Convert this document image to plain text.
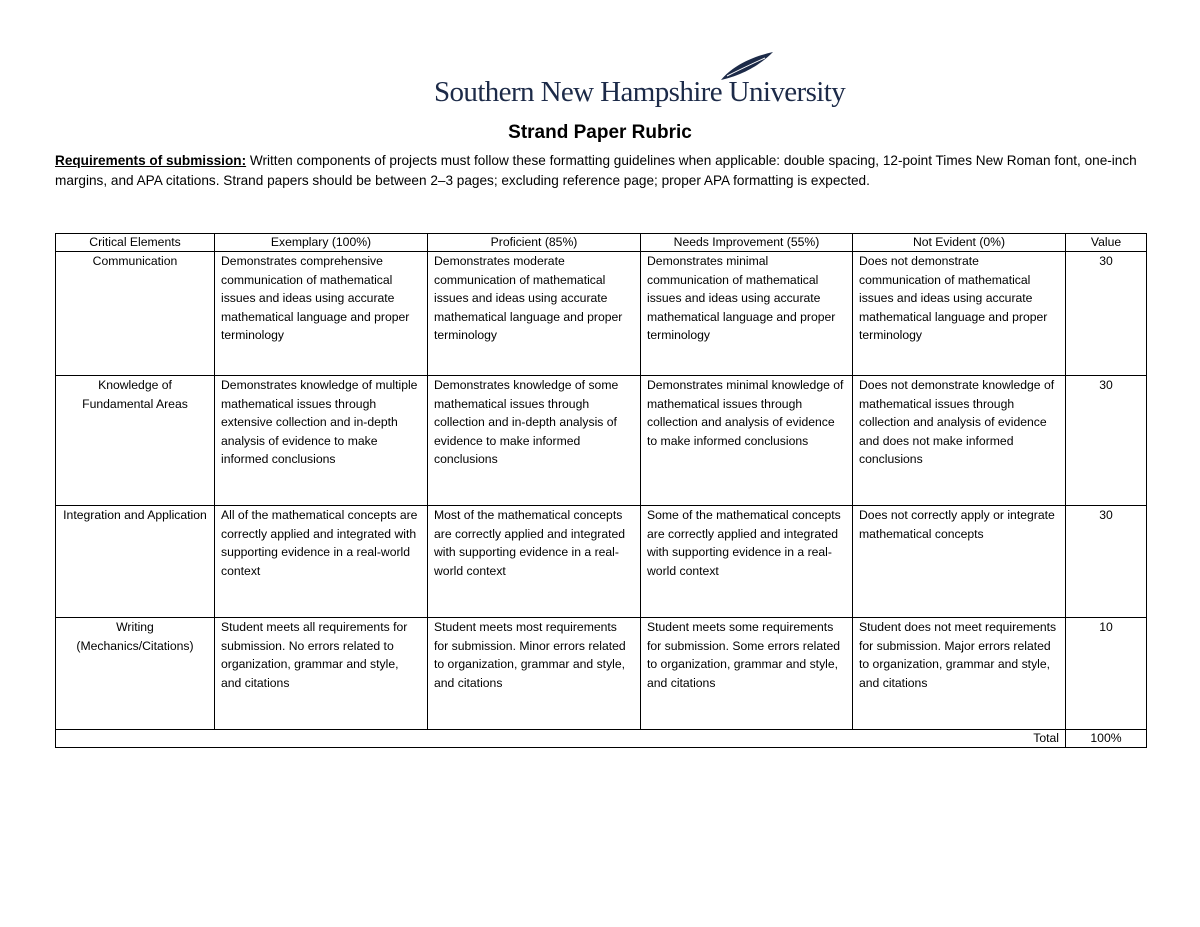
Southern New Hampshire University
Strand Paper Rubric
Requirements of submission: Written components of projects must follow these formatting guidelines when applicable: double spacing, 12-point Times New Roman font, one-inch margins, and APA citations. Strand papers should be between 2–3 pages; excluding reference page; proper APA formatting is expected.
Critical Elements	Exemplary (100%)	Proficient (85%)	Needs Improvement (55%)	Not Evident (0%)	Value
Communication	Demonstrates comprehensive communication of mathematical issues and ideas using accurate mathematical language and proper terminology	Demonstrates moderate communication of mathematical issues and ideas using accurate mathematical language and proper terminology	Demonstrates minimal communication of mathematical issues and ideas using accurate mathematical language and proper terminology	Does not demonstrate communication of mathematical issues and ideas using accurate mathematical language and proper terminology	30
Knowledge of Fundamental Areas	Demonstrates knowledge of multiple mathematical issues through extensive collection and in-depth analysis of evidence to make informed conclusions	Demonstrates knowledge of some mathematical issues through collection and in-depth analysis of evidence to make informed conclusions	Demonstrates minimal knowledge of mathematical issues through collection and analysis of evidence to make informed conclusions	Does not demonstrate knowledge of mathematical issues through collection and analysis of evidence and does not make informed conclusions	30
Integration and Application	All of the mathematical concepts are correctly applied and integrated with supporting evidence in a real-world context	Most of the mathematical concepts are correctly applied and integrated with supporting evidence in a real-world context	Some of the mathematical concepts are correctly applied and integrated with supporting evidence in a real-world context	Does not correctly apply or integrate mathematical concepts	30
Writing (Mechanics/Citations)	Student meets all requirements for submission. No errors related to organization, grammar and style, and citations	Student meets most requirements for submission. Minor errors related to organization, grammar and style, and citations	Student meets some requirements for submission. Some errors related to organization, grammar and style, and citations	Student does not meet requirements for submission. Major errors related to organization, grammar and style, and citations	10
Total					100%
